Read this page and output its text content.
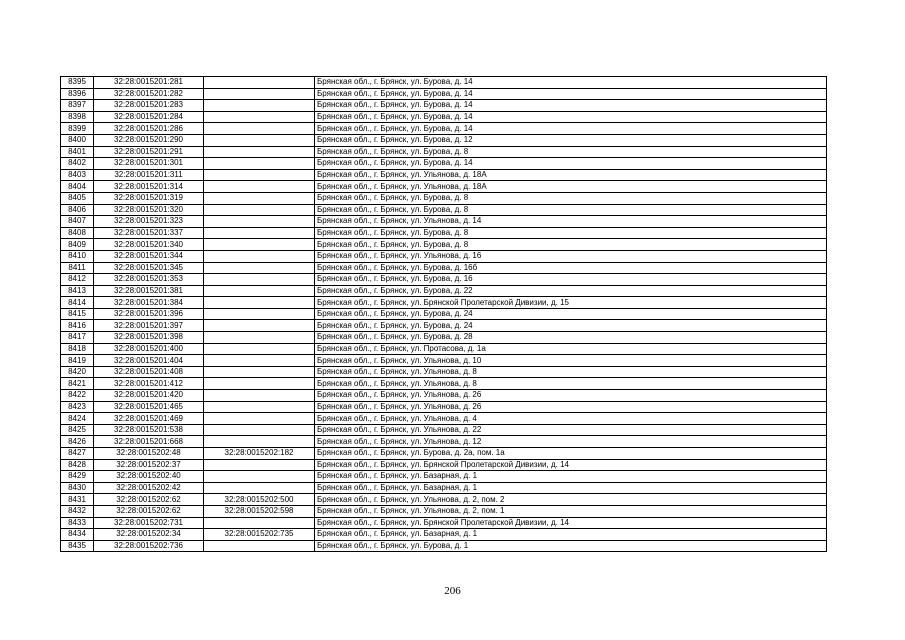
8395	32:28:0015201:281		Брянская обл., г. Брянск, ул. Бурова, д. 14
8396	32:28:0015201:282		Брянская обл., г. Брянск, ул. Бурова, д. 14
8397	32:28:0015201:283		Брянская обл., г. Брянск, ул. Бурова, д. 14
8398	32:28:0015201:284		Брянская обл., г. Брянск, ул. Бурова, д. 14
8399	32:28:0015201:286		Брянская обл., г. Брянск, ул. Бурова, д. 14
8400	32:28:0015201:290		Брянская обл., г. Брянск, ул. Бурова, д. 12
8401	32:28:0015201:291		Брянская обл., г. Брянск, ул. Бурова, д. 8
8402	32:28:0015201:301		Брянская обл., г. Брянск, ул. Бурова, д. 14
8403	32:28:0015201:311		Брянская обл., г. Брянск, ул. Ульянова, д. 18А
8404	32:28:0015201:314		Брянская обл., г. Брянск, ул. Ульянова, д. 18А
8405	32:28:0015201:319		Брянская обл., г. Брянск, ул. Бурова, д. 8
8406	32:28:0015201:320		Брянская обл., г. Брянск, ул. Бурова, д. 8
8407	32:28:0015201:323		Брянская обл., г. Брянск, ул. Ульянова, д. 14
8408	32:28:0015201:337		Брянская обл., г. Брянск, ул. Бурова, д. 8
8409	32:28:0015201:340		Брянская обл., г. Брянск, ул. Бурова, д. 8
8410	32:28:0015201:344		Брянская обл., г. Брянск, ул. Ульянова, д. 16
8411	32:28:0015201:345		Брянская обл., г. Брянск, ул. Бурова, д. 16б
8412	32:28:0015201:353		Брянская обл., г. Брянск, ул. Бурова, д. 16
8413	32:28:0015201:381		Брянская обл., г. Брянск, ул. Бурова, д. 22
8414	32:28:0015201:384		Брянская обл., г. Брянск, ул. Брянской Пролетарской Дивизии, д. 15
8415	32:28:0015201:396		Брянская обл., г. Брянск, ул. Бурова, д. 24
8416	32:28:0015201:397		Брянская обл., г. Брянск, ул. Бурова, д. 24
8417	32:28:0015201:398		Брянская обл., г. Брянск, ул. Бурова, д. 28
8418	32:28:0015201:400		Брянская обл., г. Брянск, ул. Протасова, д. 1а
8419	32:28:0015201:404		Брянская обл., г. Брянск, ул. Ульянова, д. 10
8420	32:28:0015201:408		Брянская обл., г. Брянск, ул. Ульянова, д. 8
8421	32:28:0015201:412		Брянская обл., г. Брянск, ул. Ульянова, д. 8
8422	32:28:0015201:420		Брянская обл., г. Брянск, ул. Ульянова, д. 26
8423	32:28:0015201:465		Брянская обл., г. Брянск, ул. Ульянова, д. 26
8424	32:28:0015201:469		Брянская обл., г. Брянск, ул. Ульянова, д. 4
8425	32:28:0015201:538		Брянская обл., г. Брянск, ул. Ульянова, д. 22
8426	32:28:0015201:668		Брянская обл., г. Брянск, ул. Ульянова, д. 12
8427	32:28:0015202:48	32:28:0015202:182	Брянская обл., г. Брянск, ул. Бурова, д. 2а, пом. 1а
8428	32:28:0015202:37		Брянская обл., г. Брянск, ул. Брянской Пролетарской Дивизии, д. 14
8429	32:28:0015202:40		Брянская обл., г. Брянск, ул. Базарная, д. 1
8430	32:28:0015202:42		Брянская обл., г. Брянск, ул. Базарная, д. 1
8431	32:28:0015202:62	32:28:0015202:500	Брянская обл., г. Брянск, ул. Ульянова, д. 2, пом. 2
8432	32:28:0015202:62	32:28:0015202:598	Брянская обл., г. Брянск, ул. Ульянова, д. 2, пом. 1
8433	32:28:0015202:731		Брянская обл., г. Брянск, ул. Брянской Пролетарской Дивизии, д. 14
8434	32:28:0015202:34	32:28:0015202:735	Брянская обл., г. Брянск, ул. Базарная, д. 1
8435	32:28:0015202:736		Брянская обл., г. Брянск, ул. Бурова, д. 1
206
